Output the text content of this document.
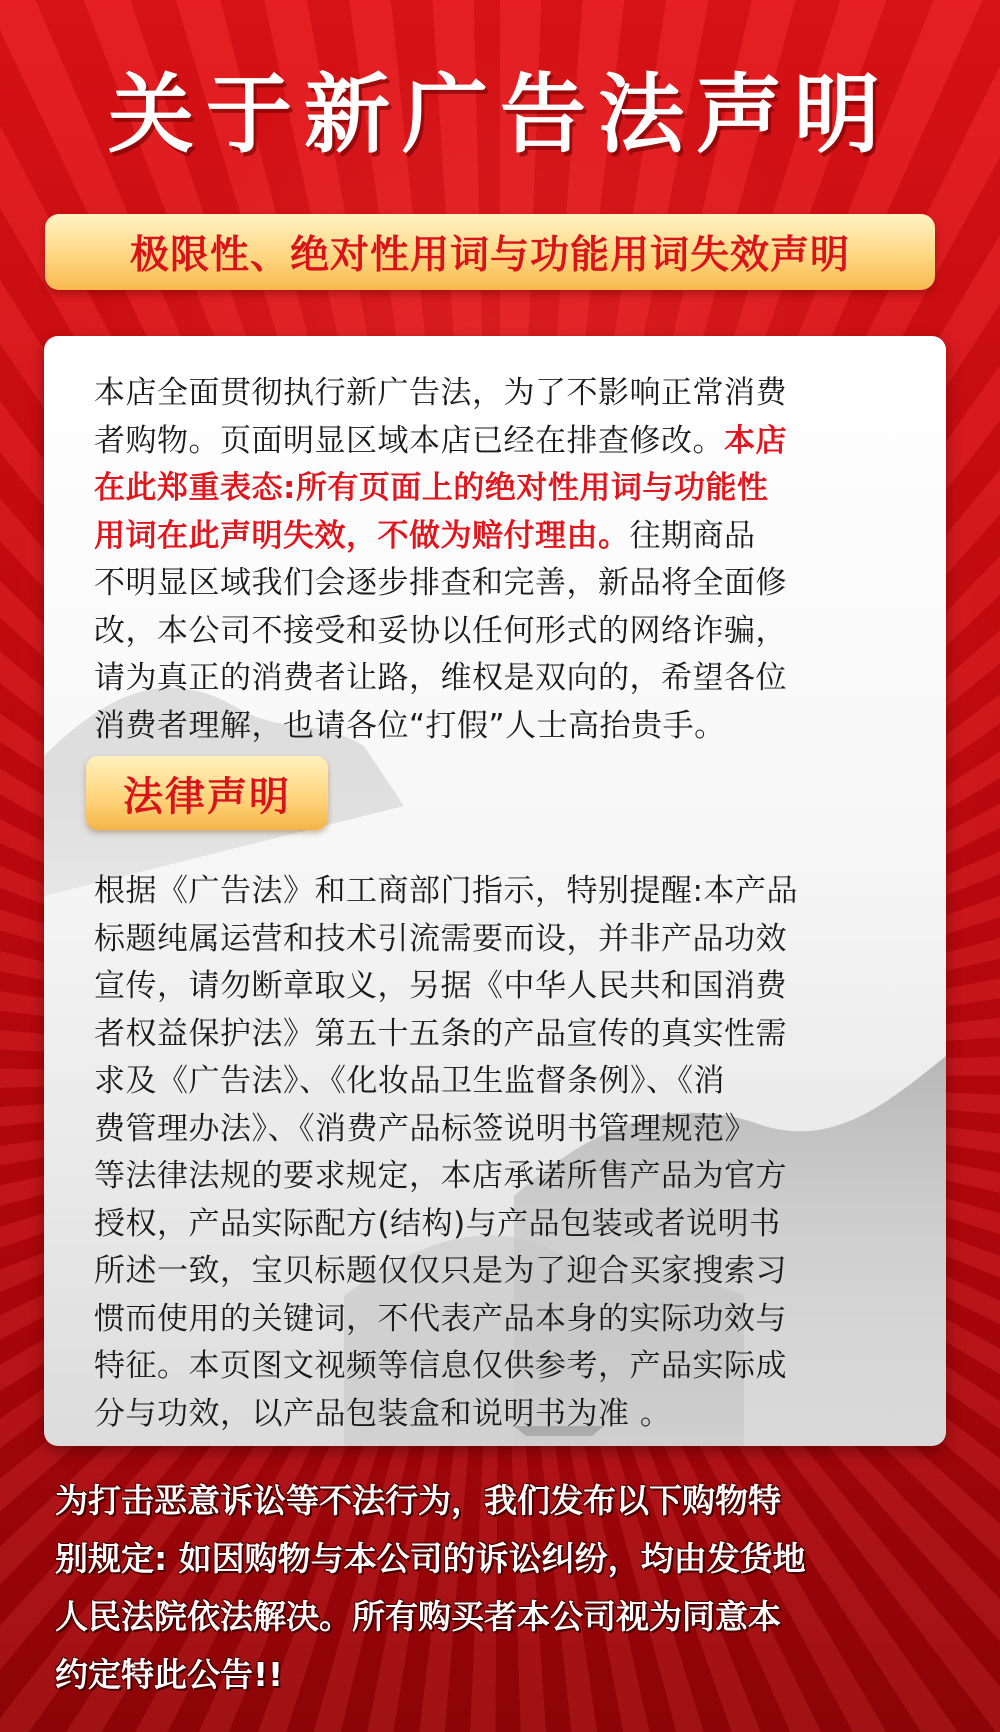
关于新广告法声明
极限性、绝对性用词与功能用词失效声明
本店全面贯彻执行新广告法，为了不影响正常消费
者购物。页面明显区域本店已经在排查修改。本店
在此郑重表态:所有页面上的绝对性用词与功能性
用词在此声明失效，不做为赔付理由。往期商品
不明显区域我们会逐步排查和完善，新品将全面修
改，本公司不接受和妥协以任何形式的网络诈骗，
请为真正的消费者让路，维权是双向的，希望各位
消费者理解，也请各位“打假”人士高抬贵手。
法律声明
根据《广告法》和工商部门指示，特别提醒:本产品
标题纯属运营和技术引流需要而设，并非产品功效
宣传，请勿断章取义，另据《中华人民共和国消费
者权益保护法》第五十五条的产品宣传的真实性需
求及《广告法》、《化妆品卫生监督条例》、《消
费管理办法》、《消费产品标签说明书管理规范》
等法律法规的要求规定，本店承诺所售产品为官方
授权，产品实际配方(结构)与产品包装或者说明书
所述一致，宝贝标题仅仅只是为了迎合买家搜索习
惯而使用的关键词，不代表产品本身的实际功效与
特征。本页图文视频等信息仅供参考，产品实际成
分与功效，以产品包装盒和说明书为准 。
为打击恶意诉讼等不法行为，我们发布以下购物特
别规定: 如因购物与本公司的诉讼纠纷，均由发货地
人民法院依法解决。所有购买者本公司视为同意本
约定特此公告!!
